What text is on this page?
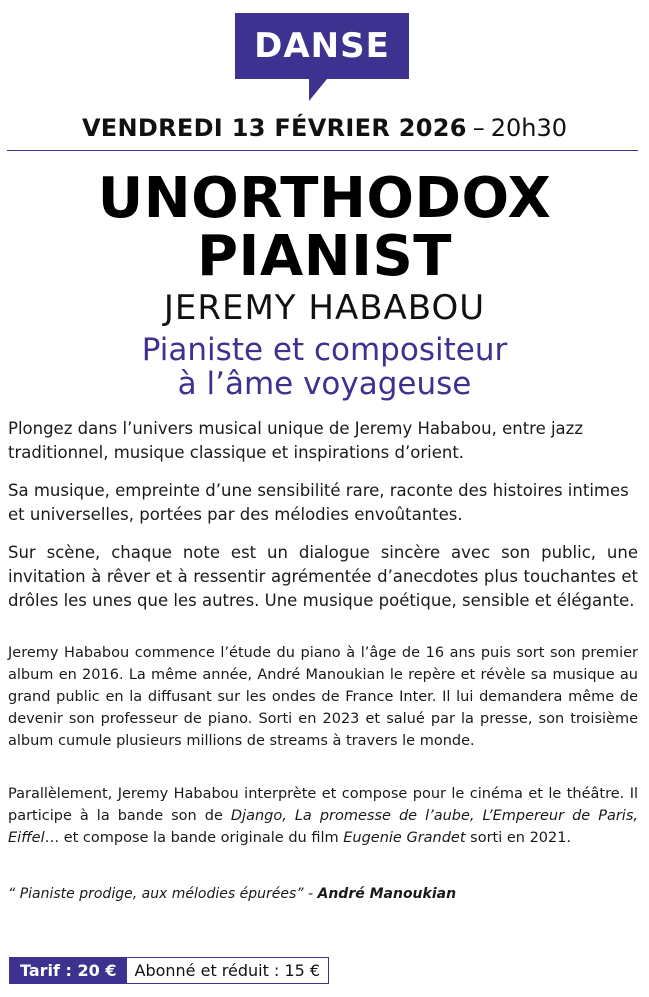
DANSE
VENDREDI 13 FÉVRIER 2026 – 20h30
UNORTHODOX
PIANIST
JEREMY HABABOU
Pianiste et compositeur
à l’âme voyageuse

Plongez dans l’univers musical unique de Jeremy Hababou, entre jazz traditionnel, musique classique et inspirations d’orient.

Sa musique, empreinte d’une sensibilité rare, raconte des histoires intimes et universelles, portées par des mélodies envoûtantes.

Sur scène, chaque note est un dialogue sincère avec son public, une invitation à rêver et à ressentir agrémentée d’anecdotes plus touchantes et drôles les unes que les autres. Une musique poétique, sensible et élégante.

Jeremy Hababou commence l’étude du piano à l’âge de 16 ans puis sort son premier album en 2016. La même année, André Manoukian le repère et révèle sa musique au grand public en la diffusant sur les ondes de France Inter. Il lui demandera même de devenir son professeur de piano. Sorti en 2023 et salué par la presse, son troisième album cumule plusieurs millions de streams à travers le monde.

Parallèlement, Jeremy Hababou interprète et compose pour le cinéma et le théâtre. Il participe à la bande son de Django, La promesse de l’aube, L’Empereur de Paris, Eiffel… et compose la bande originale du film Eugenie Grandet sorti en 2021.

“ Pianiste prodige, aux mélodies épurées” - André Manoukian
Tarif : 20 €	Abonné et réduit : 15 €
